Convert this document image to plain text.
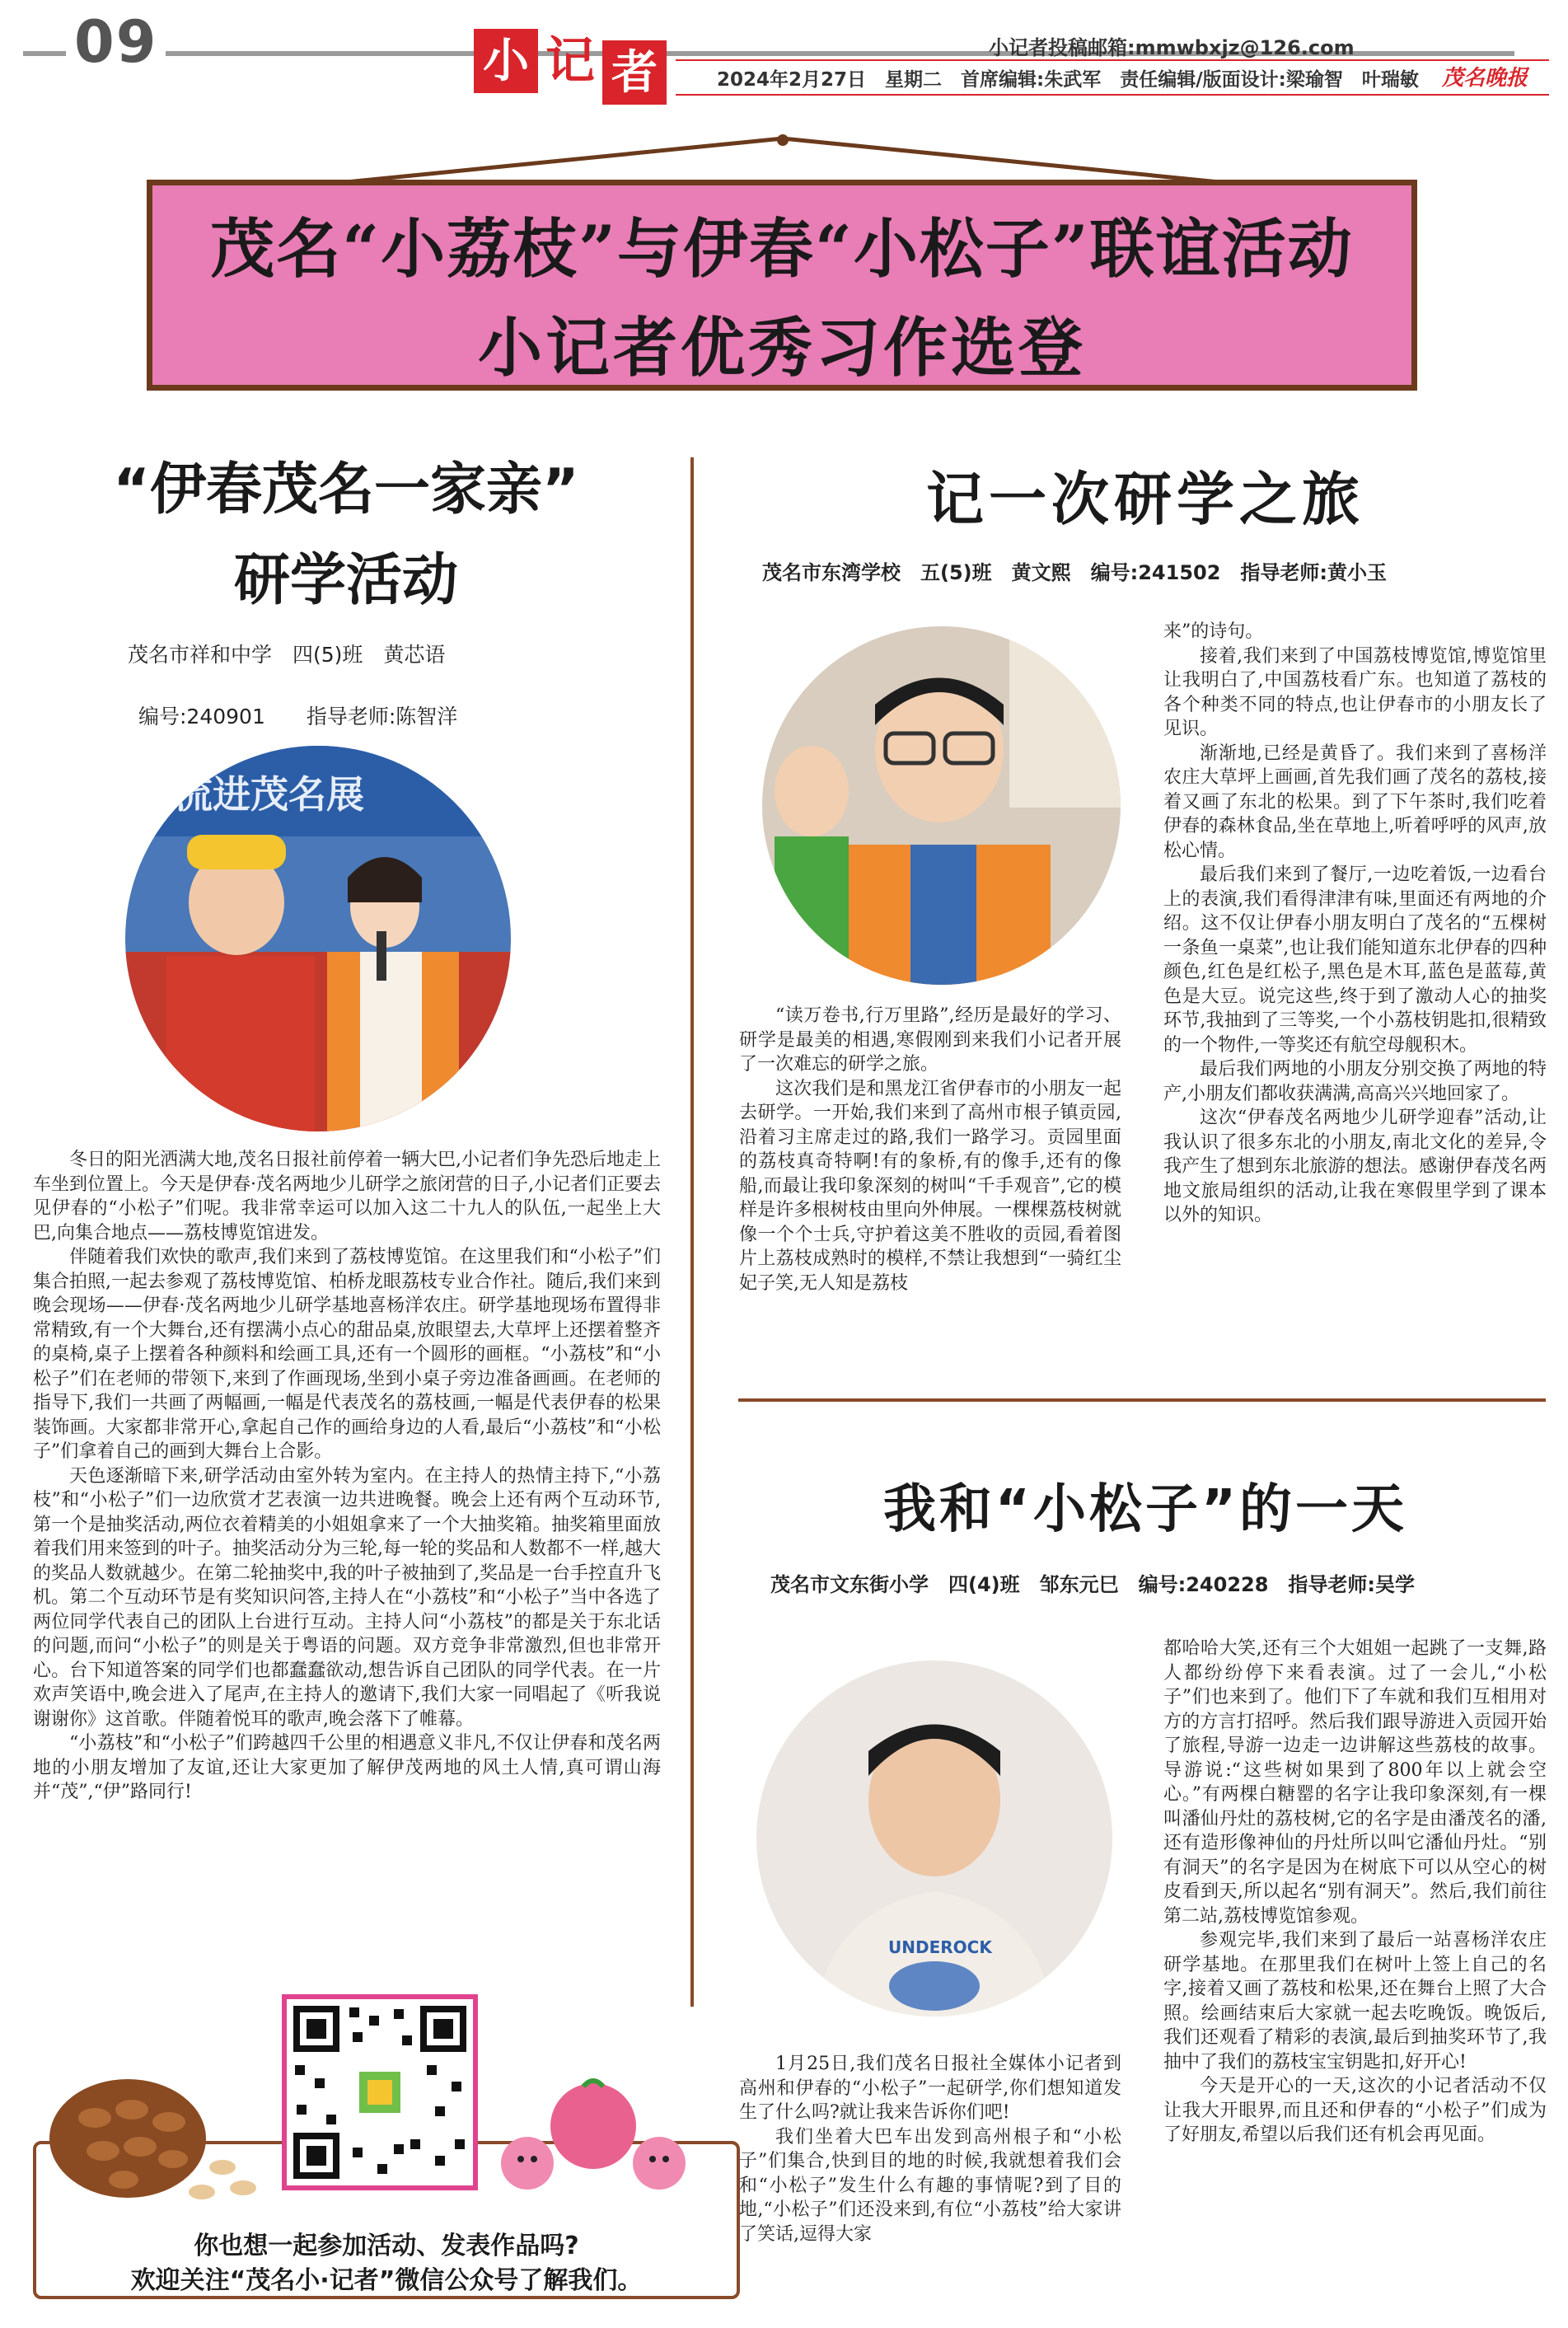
09	小 记 者	小记者投稿邮箱:mmwbxjz@126.com
2024年2月27日　星期二　首席编辑:朱武军　责任编辑/版面设计:梁瑜智　叶瑞敏 茂名晚报
茂名“小荔枝”与伊春“小松子”联谊活动
小记者优秀习作选登
“伊春茂名一家亲”
研学活动
茂名市祥和中学　四(5)班　黄芯语
编号:240901　　指导老师:陈智洋
流进茂名展

冬日的阳光洒满大地,茂名日报社前停着一辆大巴,小记者们争先恐后地走上车坐到位置上。今天是伊春·茂名两地少儿研学之旅闭营的日子,小记者们正要去见伊春的“小松子”们呢。我非常幸运可以加入这二十九人的队伍,一起坐上大巴,向集合地点——荔枝博览馆进发。

伴随着我们欢快的歌声,我们来到了荔枝博览馆。在这里我们和“小松子”们集合拍照,一起去参观了荔枝博览馆、柏桥龙眼荔枝专业合作社。随后,我们来到晚会现场——伊春·茂名两地少儿研学基地喜杨洋农庄。研学基地现场布置得非常精致,有一个大舞台,还有摆满小点心的甜品桌,放眼望去,大草坪上还摆着整齐的桌椅,桌子上摆着各种颜料和绘画工具,还有一个圆形的画框。“小荔枝”和“小松子”们在老师的带领下,来到了作画现场,坐到小桌子旁边准备画画。在老师的指导下,我们一共画了两幅画,一幅是代表茂名的荔枝画,一幅是代表伊春的松果装饰画。大家都非常开心,拿起自己作的画给身边的人看,最后“小荔枝”和“小松子”们拿着自己的画到大舞台上合影。

天色逐渐暗下来,研学活动由室外转为室内。在主持人的热情主持下,“小荔枝”和“小松子”们一边欣赏才艺表演一边共进晚餐。晚会上还有两个互动环节,第一个是抽奖活动,两位衣着精美的小姐姐拿来了一个大抽奖箱。抽奖箱里面放着我们用来签到的叶子。抽奖活动分为三轮,每一轮的奖品和人数都不一样,越大的奖品人数就越少。在第二轮抽奖中,我的叶子被抽到了,奖品是一台手控直升飞机。第二个互动环节是有奖知识问答,主持人在“小荔枝”和“小松子”当中各选了两位同学代表自己的团队上台进行互动。主持人问“小荔枝”的都是关于东北话的问题,而问“小松子”的则是关于粤语的问题。双方竞争非常激烈,但也非常开心。台下知道答案的同学们也都蠢蠢欲动,想告诉自己团队的同学代表。在一片欢声笑语中,晚会进入了尾声,在主持人的邀请下,我们大家一同唱起了《听我说谢谢你》这首歌。伴随着悦耳的歌声,晚会落下了帷幕。

“小荔枝”和“小松子”们跨越四千公里的相遇意义非凡,不仅让伊春和茂名两地的小朋友增加了友谊,还让大家更加了解伊茂两地的风土人情,真可谓山海并“茂”,“伊”路同行!

你也想一起参加活动、发表作品吗?
欢迎关注“茂名小·记者”微信公众号了解我们。
记一次研学之旅
茂名市东湾学校　五(5)班　黄文熙　编号:241502　指导老师:黄小玉

“读万卷书,行万里路”,经历是最好的学习、研学是最美的相遇,寒假刚到来我们小记者开展了一次难忘的研学之旅。

这次我们是和黑龙江省伊春市的小朋友一起去研学。一开始,我们来到了高州市根子镇贡园,沿着习主席走过的路,我们一路学习。贡园里面的荔枝真奇特啊!有的象桥,有的像手,还有的像船,而最让我印象深刻的树叫“千手观音”,它的模样是许多根树枝由里向外伸展。一棵棵荔枝树就像一个个士兵,守护着这美不胜收的贡园,看着图片上荔枝成熟时的模样,不禁让我想到“一骑红尘妃子笑,无人知是荔枝

来”的诗句。

接着,我们来到了中国荔枝博览馆,博览馆里让我明白了,中国荔枝看广东。也知道了荔枝的各个种类不同的特点,也让伊春市的小朋友长了见识。

渐渐地,已经是黄昏了。我们来到了喜杨洋农庄大草坪上画画,首先我们画了茂名的荔枝,接着又画了东北的松果。到了下午茶时,我们吃着伊春的森林食品,坐在草地上,听着呼呼的风声,放松心情。

最后我们来到了餐厅,一边吃着饭,一边看台上的表演,我们看得津津有味,里面还有两地的介绍。这不仅让伊春小朋友明白了茂名的“五棵树一条鱼一桌菜”,也让我们能知道东北伊春的四种颜色,红色是红松子,黑色是木耳,蓝色是蓝莓,黄色是大豆。说完这些,终于到了激动人心的抽奖环节,我抽到了三等奖,一个小荔枝钥匙扣,很精致的一个物件,一等奖还有航空母舰积木。

最后我们两地的小朋友分别交换了两地的特产,小朋友们都收获满满,高高兴兴地回家了。

这次“伊春茂名两地少儿研学迎春”活动,让我认识了很多东北的小朋友,南北文化的差异,令我产生了想到东北旅游的想法。感谢伊春茂名两地文旅局组织的活动,让我在寒假里学到了课本以外的知识。

我和“小松子”的一天
茂名市文东街小学　四(4)班　邹东元巳　编号:240228　指导老师:吴学
UNDEROCK

1月25日,我们茂名日报社全媒体小记者到高州和伊春的“小松子”一起研学,你们想知道发生了什么吗?就让我来告诉你们吧!

我们坐着大巴车出发到高州根子和“小松子”们集合,快到目的地的时候,我就想着我们会和“小松子”发生什么有趣的事情呢?到了目的地,“小松子”们还没来到,有位“小荔枝”给大家讲了笑话,逗得大家

都哈哈大笑,还有三个大姐姐一起跳了一支舞,路人都纷纷停下来看表演。过了一会儿,“小松子”们也来到了。他们下了车就和我们互相用对方的方言打招呼。然后我们跟导游进入贡园开始了旅程,导游一边走一边讲解这些荔枝的故事。导游说:“这些树如果到了800年以上就会空心。”有两棵白糖罂的名字让我印象深刻,有一棵叫潘仙丹灶的荔枝树,它的名字是由潘茂名的潘,还有造形像神仙的丹灶所以叫它潘仙丹灶。“别有洞天”的名字是因为在树底下可以从空心的树皮看到天,所以起名“别有洞天”。然后,我们前往第二站,荔枝博览馆参观。

参观完毕,我们来到了最后一站喜杨洋农庄研学基地。在那里我们在树叶上签上自己的名字,接着又画了荔枝和松果,还在舞台上照了大合照。绘画结束后大家就一起去吃晚饭。晚饭后,我们还观看了精彩的表演,最后到抽奖环节了,我抽中了我们的荔枝宝宝钥匙扣,好开心!

今天是开心的一天,这次的小记者活动不仅让我大开眼界,而且还和伊春的“小松子”们成为了好朋友,希望以后我们还有机会再见面。
